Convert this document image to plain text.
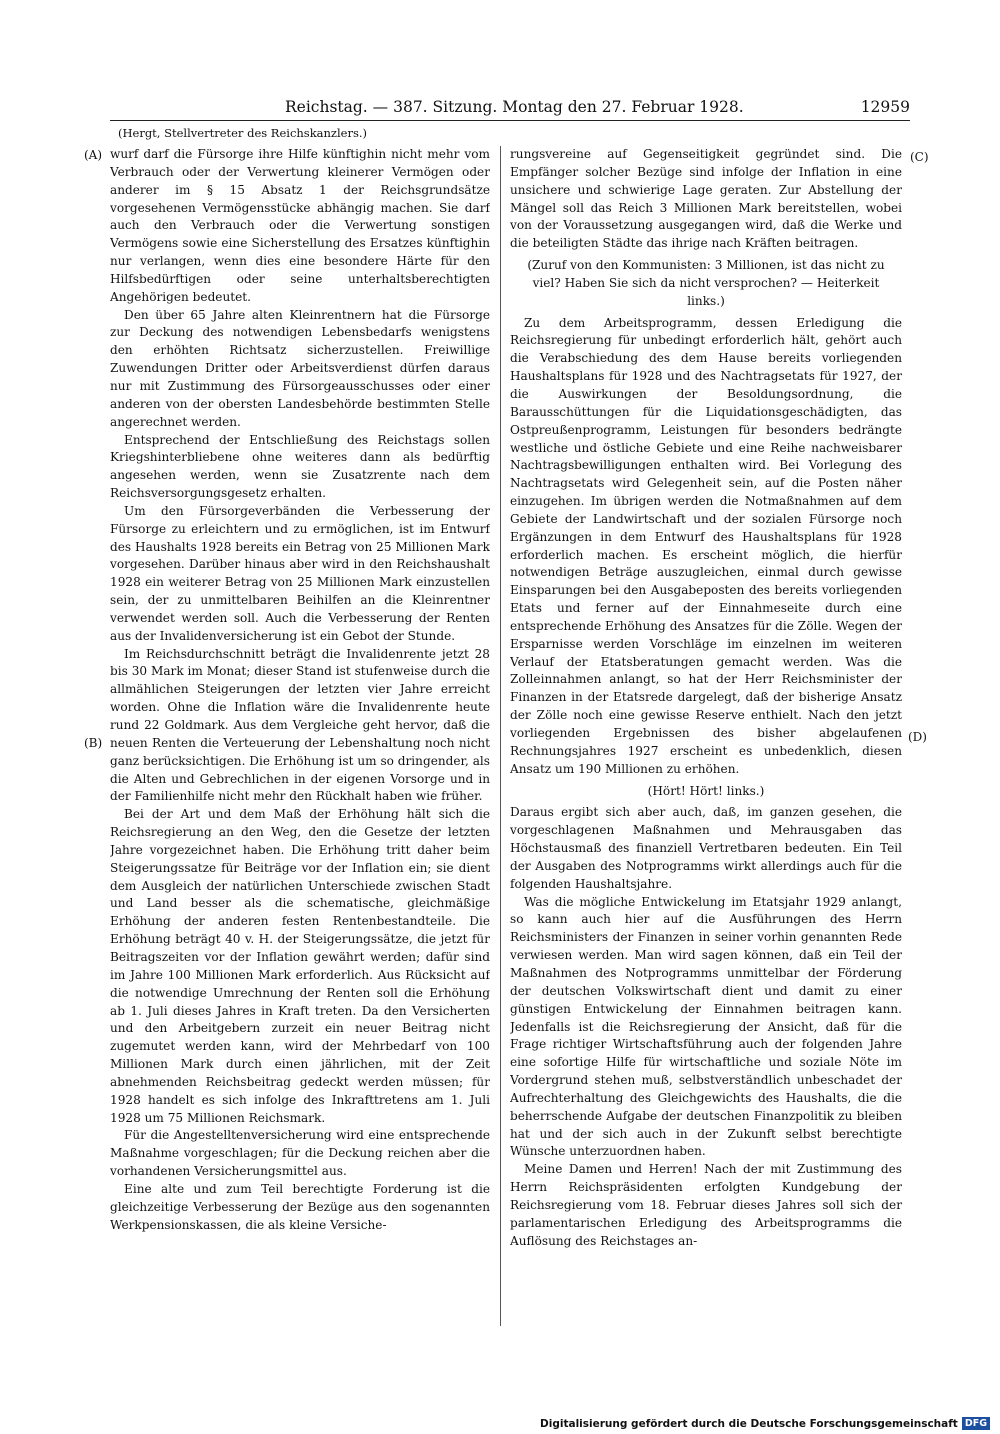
Reichstag. — 387. Sitzung. Montag den 27. Februar 1928.	12959
(Hergt, Stellvertreter des Reichskanzlers.)
(A)
(B)
(C)
(D)

wurf darf die Fürsorge ihre Hilfe künftighin nicht mehr vom Verbrauch oder der Verwertung kleinerer Vermögen oder anderer im § 15 Absatz 1 der Reichsgrundsätze vorgesehenen Vermögensstücke abhängig machen. Sie darf auch den Verbrauch oder die Verwertung sonstigen Vermögens sowie eine Sicherstellung des Ersatzes künftighin nur verlangen, wenn dies eine besondere Härte für den Hilfsbedürftigen oder seine unterhaltsberechtigten Angehörigen bedeutet.

Den über 65 Jahre alten Kleinrentnern hat die Fürsorge zur Deckung des notwendigen Lebensbedarfs wenigstens den erhöhten Richtsatz sicherzustellen. Freiwillige Zuwendungen Dritter oder Arbeitsverdienst dürfen daraus nur mit Zustimmung des Fürsorgeausschusses oder einer anderen von der obersten Landesbehörde bestimmten Stelle angerechnet werden.

Entsprechend der Entschließung des Reichstags sollen Kriegshinterbliebene ohne weiteres dann als bedürftig angesehen werden, wenn sie Zusatzrente nach dem Reichsversorgungsgesetz erhalten.

Um den Fürsorgeverbänden die Verbesserung der Fürsorge zu erleichtern und zu ermöglichen, ist im Entwurf des Haushalts 1928 bereits ein Betrag von 25 Millionen Mark vorgesehen. Darüber hinaus aber wird in den Reichshaushalt 1928 ein weiterer Betrag von 25 Millionen Mark einzustellen sein, der zu unmittelbaren Beihilfen an die Kleinrentner verwendet werden soll. Auch die Verbesserung der Renten aus der Invalidenversicherung ist ein Gebot der Stunde.

Im Reichsdurchschnitt beträgt die Invalidenrente jetzt 28 bis 30 Mark im Monat; dieser Stand ist stufenweise durch die allmählichen Steigerungen der letzten vier Jahre erreicht worden. Ohne die Inflation wäre die Invalidenrente heute rund 22 Goldmark. Aus dem Vergleiche geht hervor, daß die neuen Renten die Verteuerung der Lebenshaltung noch nicht ganz berücksichtigen. Die Erhöhung ist um so dringender, als die Alten und Gebrechlichen in der eigenen Vorsorge und in der Familienhilfe nicht mehr den Rückhalt haben wie früher.

Bei der Art und dem Maß der Erhöhung hält sich die Reichsregierung an den Weg, den die Gesetze der letzten Jahre vorgezeichnet haben. Die Erhöhung tritt daher beim Steigerungssatze für Beiträge vor der Inflation ein; sie dient dem Ausgleich der natürlichen Unterschiede zwischen Stadt und Land besser als die schematische, gleichmäßige Erhöhung der anderen festen Rentenbestandteile. Die Erhöhung beträgt 40 v. H. der Steigerungssätze, die jetzt für Beitragszeiten vor der Inflation gewährt werden; dafür sind im Jahre 100 Millionen Mark erforderlich. Aus Rücksicht auf die notwendige Umrechnung der Renten soll die Erhöhung ab 1. Juli dieses Jahres in Kraft treten. Da den Versicherten und den Arbeitgebern zurzeit ein neuer Beitrag nicht zugemutet werden kann, wird der Mehrbedarf von 100 Millionen Mark durch einen jährlichen, mit der Zeit abnehmenden Reichsbeitrag gedeckt werden müssen; für 1928 handelt es sich infolge des Inkrafttretens am 1. Juli 1928 um 75 Millionen Reichsmark.

Für die Angestelltenversicherung wird eine entsprechende Maßnahme vorgeschlagen; für die Deckung reichen aber die vorhandenen Versicherungsmittel aus.

Eine alte und zum Teil berechtigte Forderung ist die gleichzeitige Verbesserung der Bezüge aus den sogenannten Werkpensionskassen, die als kleine Versiche-

rungsvereine auf Gegenseitigkeit gegründet sind. Die Empfänger solcher Bezüge sind infolge der Inflation in eine unsichere und schwierige Lage geraten. Zur Abstellung der Mängel soll das Reich 3 Millionen Mark bereitstellen, wobei von der Voraussetzung ausgegangen wird, daß die Werke und die beteiligten Städte das ihrige nach Kräften beitragen.

(Zuruf von den Kommunisten: 3 Millionen, ist das nicht zu viel? Haben Sie sich da nicht versprochen? — Heiterkeit links.)

Zu dem Arbeitsprogramm, dessen Erledigung die Reichsregierung für unbedingt erforderlich hält, gehört auch die Verabschiedung des dem Hause bereits vorliegenden Haushaltsplans für 1928 und des Nachtragsetats für 1927, der die Auswirkungen der Besoldungsordnung, die Barausschüttungen für die Liquidationsgeschädigten, das Ostpreußenprogramm, Leistungen für besonders bedrängte westliche und östliche Gebiete und eine Reihe nachweisbarer Nachtragsbewilligungen enthalten wird. Bei Vorlegung des Nachtragsetats wird Gelegenheit sein, auf die Posten näher einzugehen. Im übrigen werden die Notmaßnahmen auf dem Gebiete der Landwirtschaft und der sozialen Fürsorge noch Ergänzungen in dem Entwurf des Haushaltsplans für 1928 erforderlich machen. Es erscheint möglich, die hierfür notwendigen Beträge auszugleichen, einmal durch gewisse Einsparungen bei den Ausgabeposten des bereits vorliegenden Etats und ferner auf der Einnahmeseite durch eine entsprechende Erhöhung des Ansatzes für die Zölle. Wegen der Ersparnisse werden Vorschläge im einzelnen im weiteren Verlauf der Etatsberatungen gemacht werden. Was die Zolleinnahmen anlangt, so hat der Herr Reichsminister der Finanzen in der Etatsrede dargelegt, daß der bisherige Ansatz der Zölle noch eine gewisse Reserve enthielt. Nach den jetzt vorliegenden Ergebnissen des bisher abgelaufenen Rechnungsjahres 1927 erscheint es unbedenklich, diesen Ansatz um 190 Millionen zu erhöhen.

(Hört! Hört! links.)

Daraus ergibt sich aber auch, daß, im ganzen gesehen, die vorgeschlagenen Maßnahmen und Mehrausgaben das Höchstausmaß des finanziell Vertretbaren bedeuten. Ein Teil der Ausgaben des Notprogramms wirkt allerdings auch für die folgenden Haushaltsjahre.

Was die mögliche Entwickelung im Etatsjahr 1929 anlangt, so kann auch hier auf die Ausführungen des Herrn Reichsministers der Finanzen in seiner vorhin genannten Rede verwiesen werden. Man wird sagen können, daß ein Teil der Maßnahmen des Notprogramms unmittelbar der Förderung der deutschen Volkswirtschaft dient und damit zu einer günstigen Entwickelung der Einnahmen beitragen kann. Jedenfalls ist die Reichsregierung der Ansicht, daß für die Frage richtiger Wirtschaftsführung auch der folgenden Jahre eine sofortige Hilfe für wirtschaftliche und soziale Nöte im Vordergrund stehen muß, selbstverständlich unbeschadet der Aufrechterhaltung des Gleichgewichts des Haushalts, die die beherrschende Aufgabe der deutschen Finanzpolitik zu bleiben hat und der sich auch in der Zukunft selbst berechtigte Wünsche unterzuordnen haben.

Meine Damen und Herren! Nach der mit Zustimmung des Herrn Reichspräsidenten erfolgten Kundgebung der Reichsregierung vom 18. Februar dieses Jahres soll sich der parlamentarischen Erledigung des Arbeitsprogramms die Auflösung des Reichstages an-

Digitalisierung gefördert durch die Deutsche Forschungsgemeinschaft DFG
